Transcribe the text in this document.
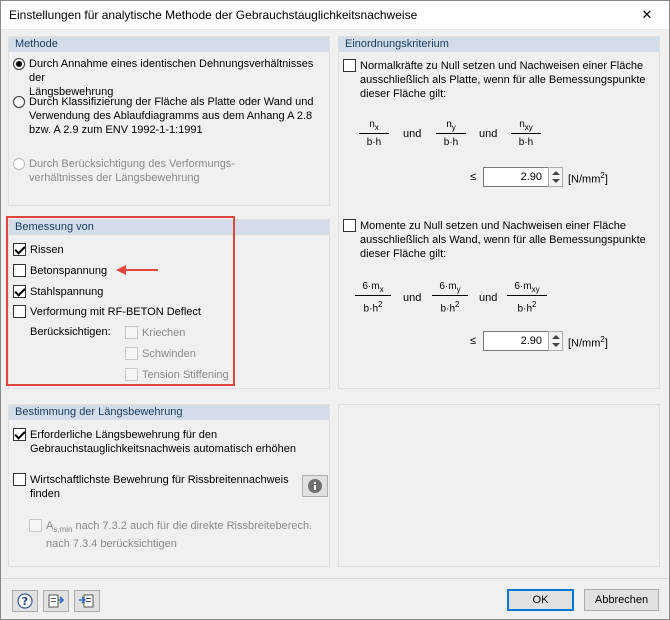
Einstellungen für analytische Methode der Gebrauchstauglichkeitsnachweise	✕
Methode
Durch Annahme eines identischen Dehnungsverhältnisses der
Längsbewehrung
Durch Klassifizierung der Fläche als Platte oder Wand und
Verwendung des Ablaufdiagramms aus dem Anhang A 2.8
bzw. A 2.9 zum ENV 1992-1-1:1991
Durch Berücksichtigung des Verformungs-
verhältnisses der Längsbewehrung
Bemessung von
Rissen
Betonspannung
Stahlspannung
Verformung mit RF-BETON Deflect
Berücksichtigen:	Kriechen
Schwinden
Tension Stiffening
Bestimmung der Längsbewehrung
Erforderliche Längsbewehrung für den
Gebrauchstauglichkeitsnachweis automatisch erhöhen
Wirtschaftlichste Bewehrung für Rissbreitennachweis
finden
$A_{s,min}$ nach 7.3.2 auch für die direkte Rissbreiteberech.
nach 7.3.4 berücksichtigen
Einordnungskriterium
Normalkräfte zu Null setzen und Nachweisen einer Fläche
ausschließlich als Platte, wenn für alle Bemessungspunkte
dieser Fläche gilt:
$n_x$
b·h
und
$n_y$
b·h
und
$n_{xy}$
b·h
≤	2.90	$[N/mm^2]$
Momente zu Null setzen und Nachweisen einer Fläche
ausschließlich als Wand, wenn für alle Bemessungspunkte
dieser Fläche gilt:
$6\cdot m_x$
$b\cdot h^2$
und
$6\cdot m_y$
$b\cdot h^2$
und
$6\cdot m_{xy}$
$b\cdot h^2$
≤	2.90	$[N/mm^2]$
?	OK	Abbrechen
